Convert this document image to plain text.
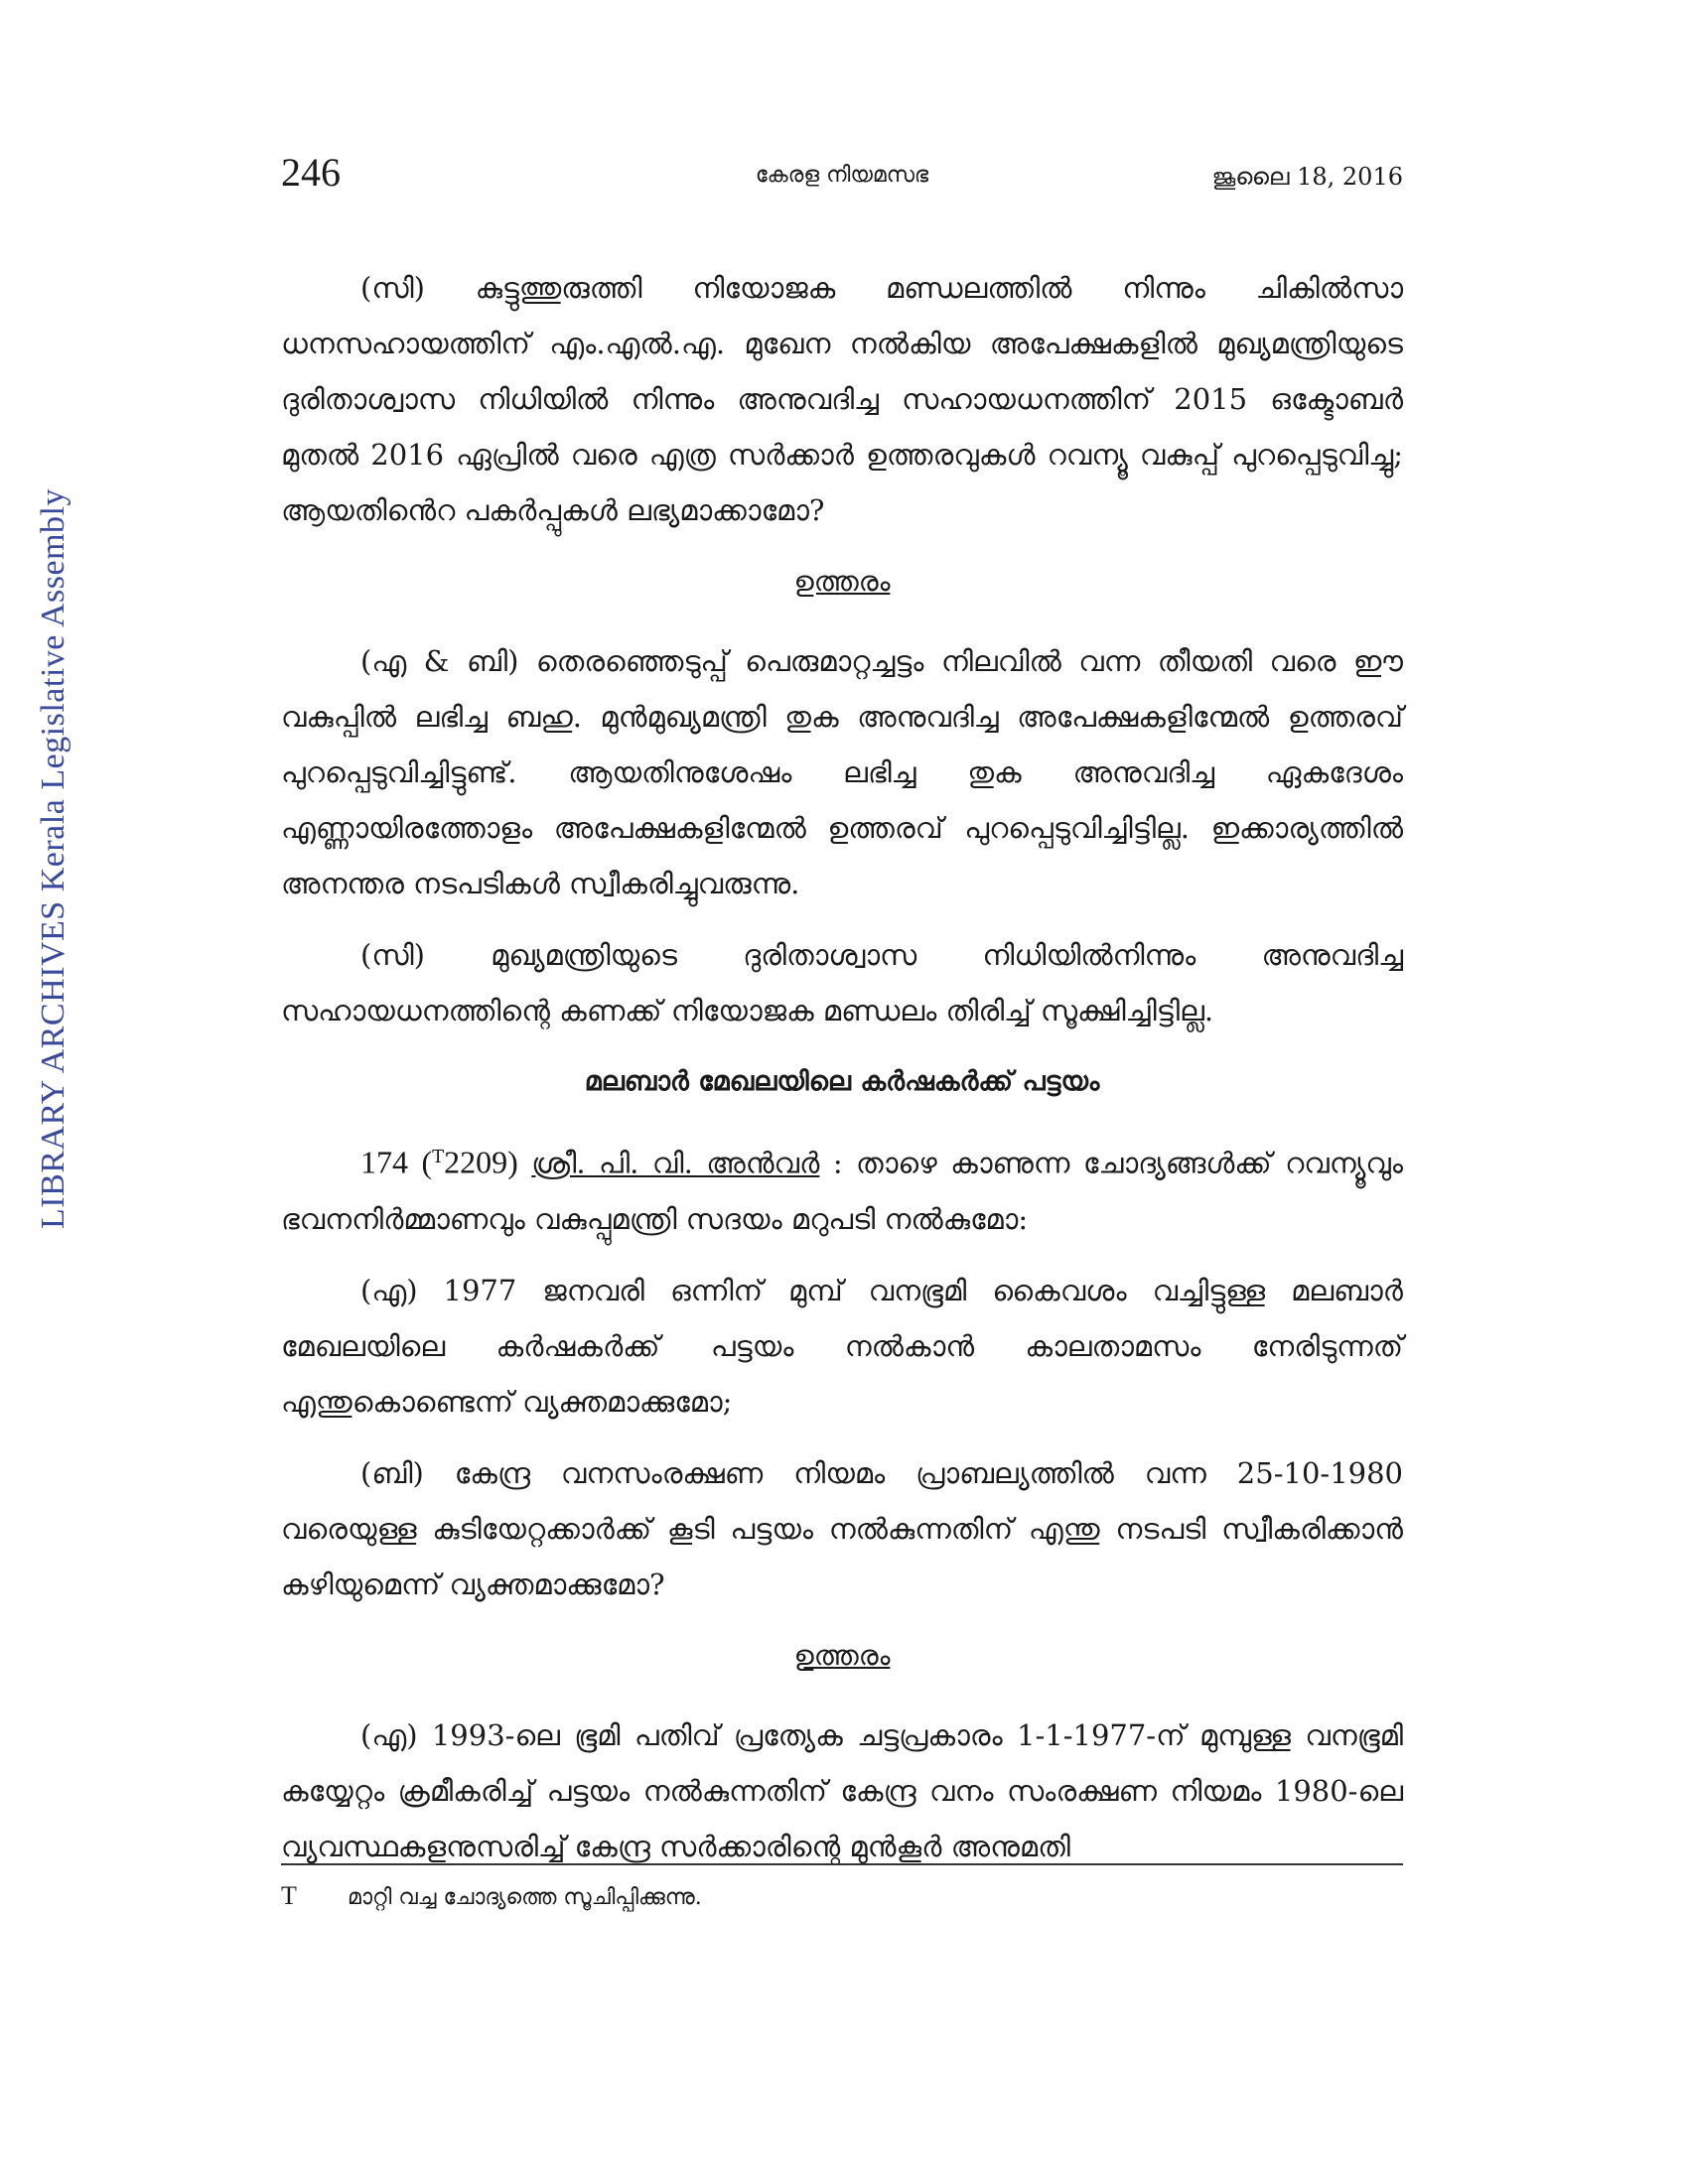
LIBRARY ARCHIVES Kerala Legislative Assembly
246	കേരള നിയമസഭ	ജൂലൈ 18, 2016

(സി) കുട്ടുത്തുരുത്തി നിയോജക മണ്ഡലത്തിൽ നിന്നും ചികിൽസാ ധനസഹായത്തിന് എം.എൽ.എ. മുഖേന നൽകിയ അപേക്ഷകളിൽ മുഖ്യമന്ത്രിയുടെ ദുരിതാശ്വാസ നിധിയിൽ നിന്നും അനുവദിച്ച സഹായധനത്തിന് 2015 ഒക്ടോബർ മുതൽ 2016 ഏപ്രിൽ വരെ എത്ര സർക്കാർ ഉത്തരവുകൾ റവന്യൂ വകുപ്പ് പുറപ്പെടുവിച്ചു; ആയതിൻെറ പകർപ്പുകൾ ലഭ്യമാക്കാമോ?

ഉത്തരം

(എ & ബി) തെരഞ്ഞെടുപ്പ് പെരുമാറ്റച്ചട്ടം നിലവിൽ വന്ന തീയതി വരെ ഈ വകുപ്പിൽ ലഭിച്ച ബഹു. മുൻമുഖ്യമന്ത്രി തുക അനുവദിച്ച അപേക്ഷകളിന്മേൽ ഉത്തരവ് പുറപ്പെടുവിച്ചിട്ടുണ്ട്. ആയതിനുശേഷം ലഭിച്ച തുക അനുവദിച്ച ഏകദേശം എണ്ണായിരത്തോളം അപേക്ഷകളിന്മേൽ ഉത്തരവ് പുറപ്പെടുവിച്ചിട്ടില്ല. ഇക്കാര്യത്തിൽ അനന്തര നടപടികൾ സ്വീകരിച്ചുവരുന്നു.

(സി) മുഖ്യമന്ത്രിയുടെ ദുരിതാശ്വാസ നിധിയിൽനിന്നും അനുവദിച്ച സഹായധനത്തിന്റെ കണക്ക് നിയോജക മണ്ഡലം തിരിച്ച് സൂക്ഷിച്ചിട്ടില്ല.

മലബാർ മേഖലയിലെ കർഷകർക്ക് പട്ടയം

174 ($^T$2209) ശ്രീ. പി. വി. അൻവർ : താഴെ കാണുന്ന ചോദ്യങ്ങൾക്ക് റവന്യൂവും ഭവനനിർമ്മാണവും വകുപ്പുമന്ത്രി സദയം മറുപടി നൽകുമോ:

(എ) 1977 ജനവരി ഒന്നിന് മുമ്പ് വനഭൂമി കൈവശം വച്ചിട്ടുള്ള മലബാർ മേഖലയിലെ കർഷകർക്ക് പട്ടയം നൽകാൻ കാലതാമസം നേരിടുന്നത് എന്തുകൊണ്ടെന്ന് വ്യക്തമാക്കുമോ;

(ബി) കേന്ദ്ര വനസംരക്ഷണ നിയമം പ്രാബല്യത്തിൽ വന്ന 25-10-1980 വരെയുള്ള കുടിയേറ്റക്കാർക്ക് കൂടി പട്ടയം നൽകുന്നതിന് എന്തു നടപടി സ്വീകരിക്കാൻ കഴിയുമെന്ന് വ്യക്തമാക്കുമോ?

ഉത്തരം

(എ) 1993-ലെ ഭൂമി പതിവ് പ്രത്യേക ചട്ടപ്രകാരം 1-1-1977-ന് മുമ്പുള്ള വനഭൂമി കയ്യേറ്റം ക്രമീകരിച്ച് പട്ടയം നൽകുന്നതിന് കേന്ദ്ര വനം സംരക്ഷണ നിയമം 1980-ലെ വ്യവസ്ഥകളനുസരിച്ച് കേന്ദ്ര സർക്കാരിന്റെ മുൻകൂർ അനുമതി

T മാറ്റി വച്ച ചോദ്യത്തെ സൂചിപ്പിക്കുന്നു.
